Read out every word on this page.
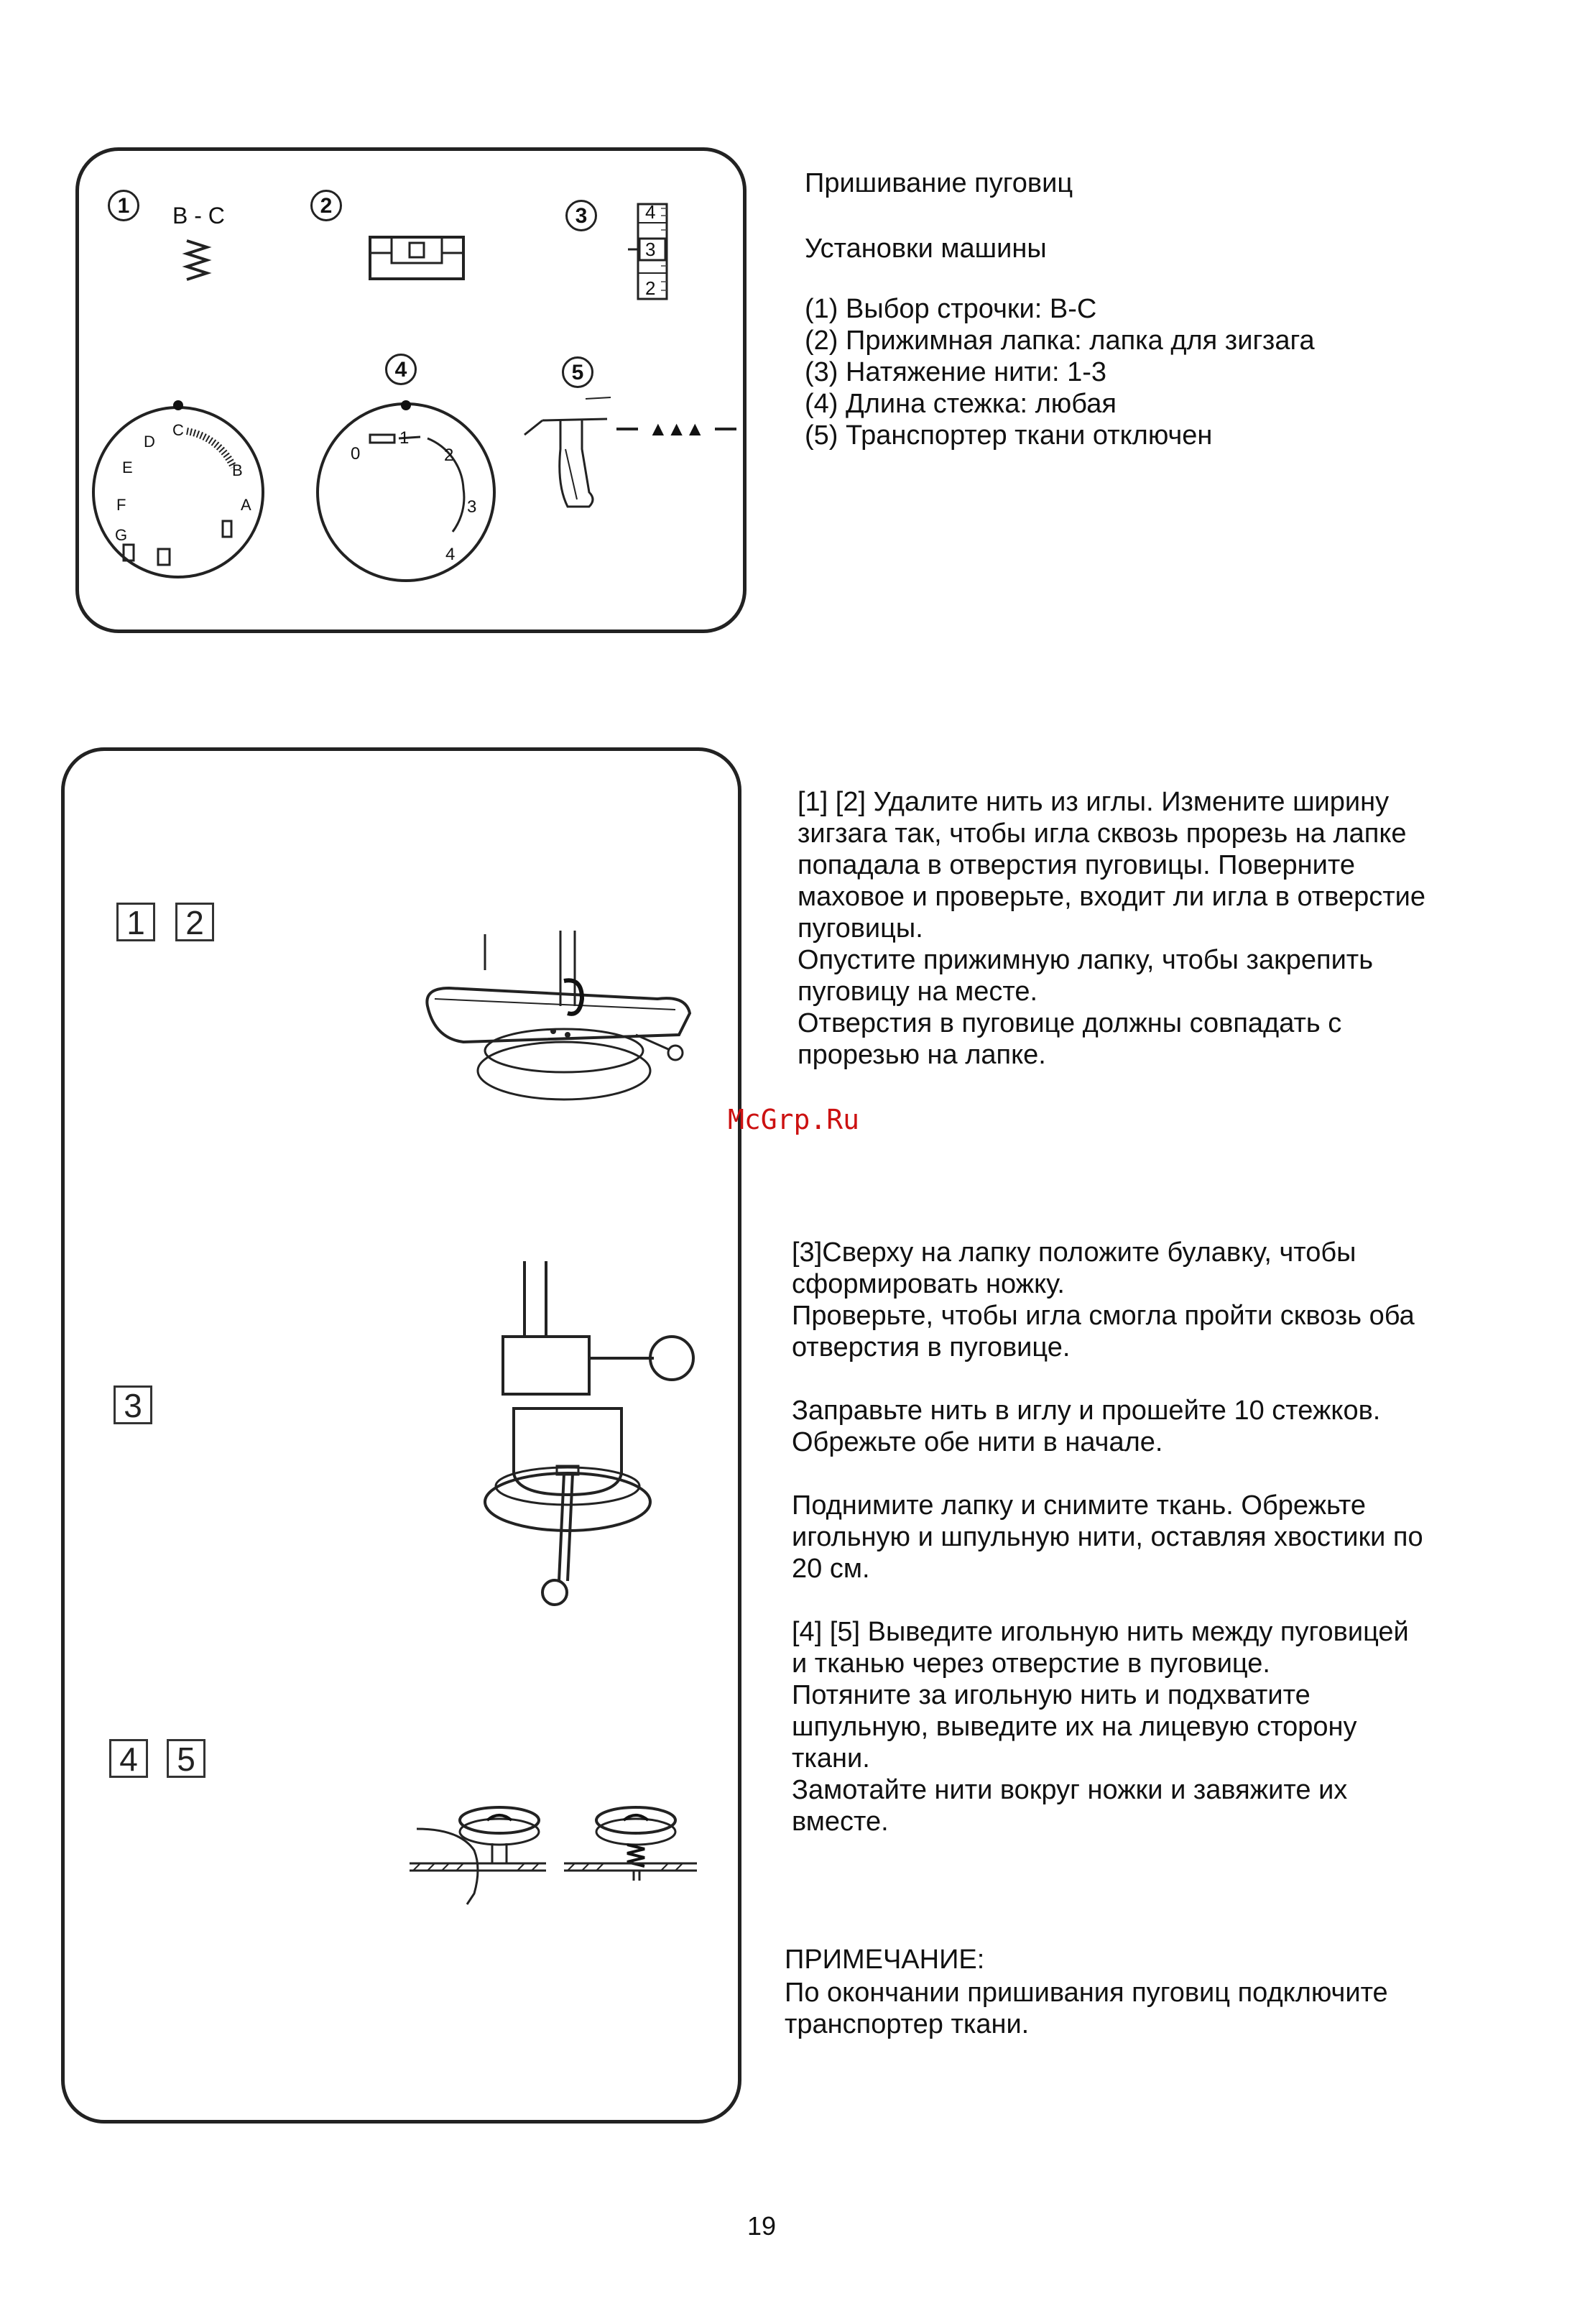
1	2	3
4	5
B - C	4
3
2
C
D
E
F
G
B
A
0
1
2
3
4
▲▲▲

Пришивание пуговиц

Установки машины

(1) Выбор строчки: B-C

(2) Прижимная лапка: лапка для зигзага

(3) Натяжение нити: 1-3

(4) Длина стежка: любая

(5) Транспортер ткани отключен

1	2
3
4	5
[1] [2] Удалите нить из иглы. Измените ширину
зигзага так, чтобы игла сквозь прорезь на лапке
попадала в отверстия пуговицы. Поверните
маховое и проверьте, входит ли игла в отверстие
пуговицы.
Опустите прижимную лапку, чтобы закрепить
пуговицу на месте.
Отверстия в пуговице должны совпадать с
прорезью на лапке.

[3]Сверху на лапку положите булавку, чтобы
сформировать ножку.
Проверьте, чтобы игла смогла пройти сквозь оба
отверстия в пуговице.

Заправьте нить в иглу и прошейте 10 стежков.
Обрежьте обе нити в начале.

Поднимите лапку и снимите ткань. Обрежьте
игольную и шпульную нити, оставляя хвостики по
20 см.

[4] [5] Выведите игольную нить между пуговицей
и тканью через отверстие в пуговице.
Потяните за игольную нить и подхватите
шпульную, выведите их на лицевую сторону
ткани.
Замотайте нити вокруг ножки и завяжите их
вместе.

ПРИМЕЧАНИЕ:
По окончании пришивания пуговиц подключите
транспортер ткани.
McGrp.Ru
19
